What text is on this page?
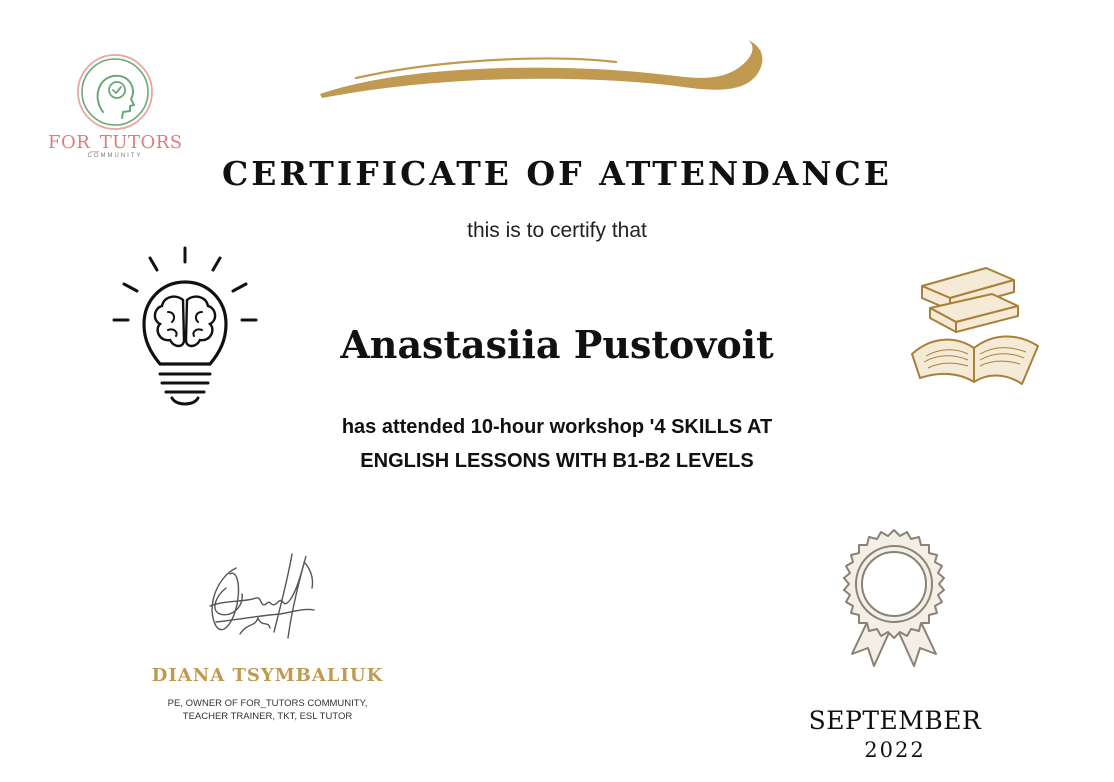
FOR_TUTORS
COMMUNITY	CERTIFICATE OF ATTENDANCE
this is to certify that
Anastasiia Pustovoit
has attended 10-hour workshop '4 SKILLS AT
ENGLISH LESSONS WITH B1-B2 LEVELS
DIANA TSYMBALIUK
PE, OWNER OF FOR_TUTORS COMMUNITY,
TEACHER TRAINER, TKT, ESL TUTOR	SEPTEMBER
2022
